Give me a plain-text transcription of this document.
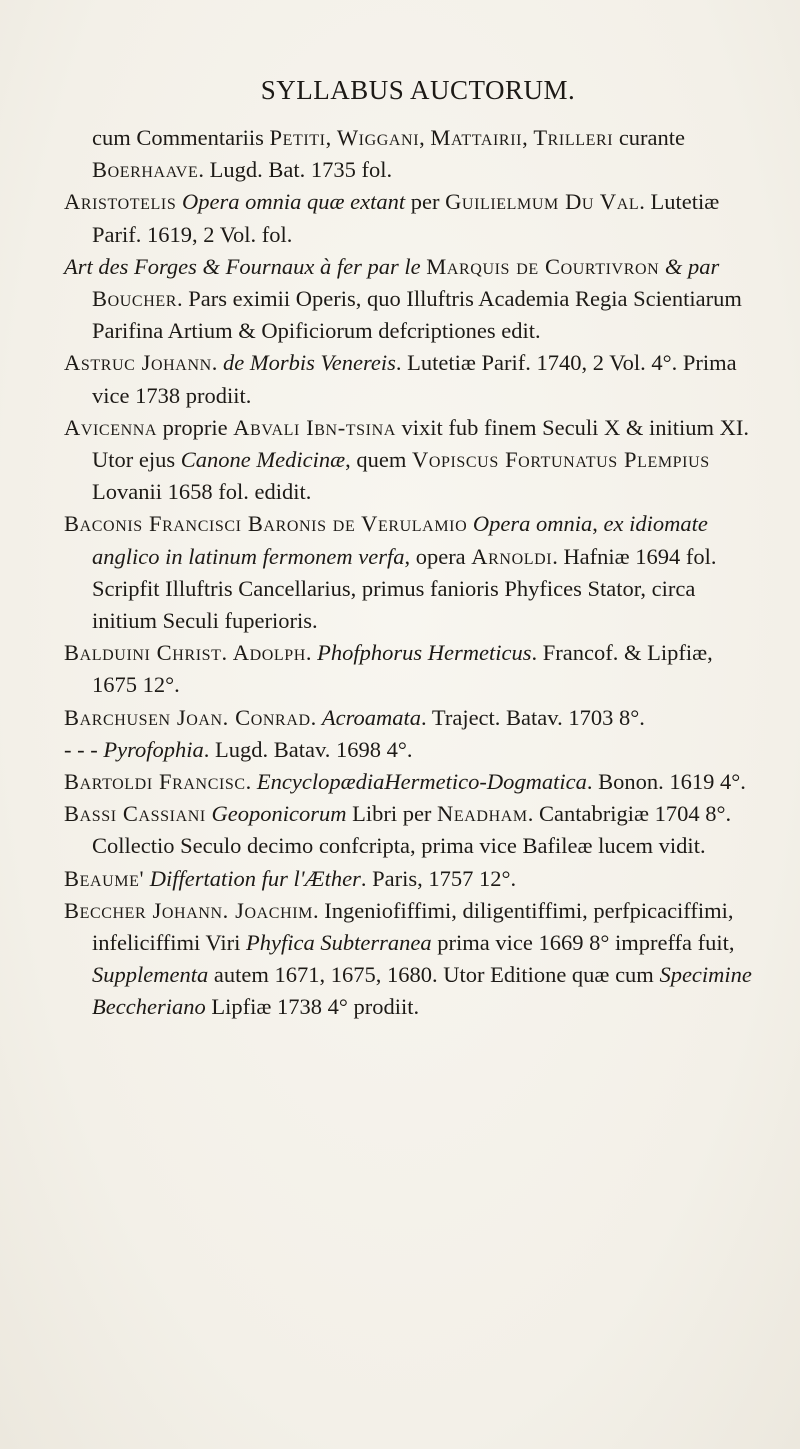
SYLLABUS AUCTORUM.

cum Commentariis Petiti, Wiggani, Mattairii, Trilleri curante Boerhaave. Lugd. Bat. 1735 fol.

Aristotelis Opera omnia quæ extant per Guilielmum Du Val. Lutetiæ Parif. 1619, 2 Vol. fol.

Art des Forges & Fournaux à fer par le Marquis de Courtivron & par Boucher. Pars eximii Operis, quo Illuftris Academia Regia Scientiarum Parifina Artium & Opificiorum defcriptiones edit.

Astruc Johann. de Morbis Venereis. Lutetiæ Parif. 1740, 2 Vol. 4°. Prima vice 1738 prodiit.

Avicenna proprie Abvali Ibn-tsina vixit fub finem Seculi X & initium XI. Utor ejus Canone Medicinæ, quem Vopiscus Fortunatus Plempius Lovanii 1658 fol. edidit.

Baconis Francisci Baronis de Verulamio Opera omnia, ex idiomate anglico in latinum fermonem verfa, opera Arnoldi. Hafniæ 1694 fol. Scripfit Illuftris Cancellarius, primus fanioris Phyfices Stator, circa initium Seculi fuperioris.

Balduini Christ. Adolph. Phofphorus Hermeticus. Francof. & Lipfiæ, 1675 12°.

Barchusen Joan. Conrad. Acroamata. Traject. Batav. 1703 8°.

- - - Pyrofophia. Lugd. Batav. 1698 4°.

Bartoldi Francisc. EncyclopædiaHermetico-Dogmatica. Bonon. 1619 4°.

Bassi Cassiani Geoponicorum Libri per Neadham. Cantabrigiæ 1704 8°. Collectio Seculo decimo confcripta, prima vice Bafileæ lucem vidit.

Beaume' Differtation fur l'Æther. Paris, 1757 12°.

Beccher Johann. Joachim. Ingeniofiffimi, diligentiffimi, perfpicaciffimi, infeliciffimi Viri Phyfica Subterranea prima vice 1669 8° impreffa fuit, Supplementa autem 1671, 1675, 1680. Utor Editione quæ cum Specimine Beccheriano Lipfiæ 1738 4° prodiit.
